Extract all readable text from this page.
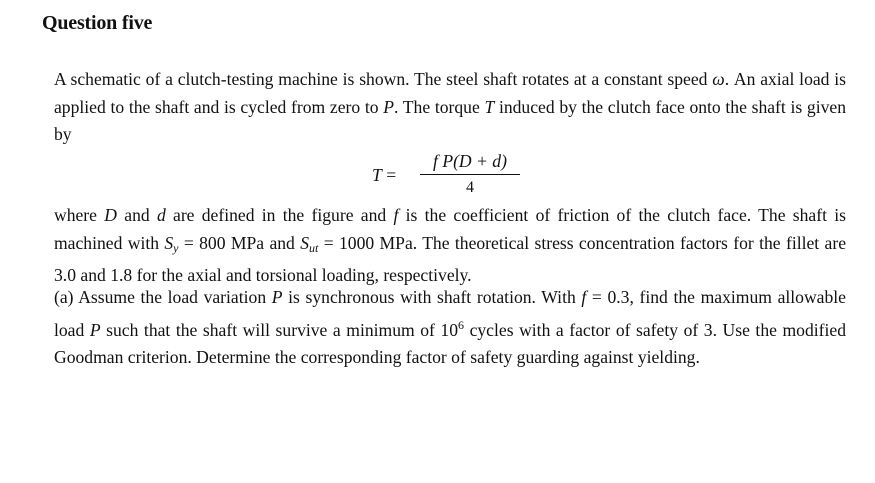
Question five
A schematic of a clutch-testing machine is shown. The steel shaft rotates at a constant speed ω. An axial load is applied to the shaft and is cycled from zero to P. The torque T induced by the clutch face onto the shaft is given by
T =
f P(D + d)
4
where D and d are defined in the figure and f is the coefficient of friction of the clutch face. The shaft is machined with $S_y = 800$ MPa and $S_{ut} = 1000$ MPa. The theoretical stress concentration factors for the fillet are 3.0 and 1.8 for the axial and torsional loading, respectively.
(a) Assume the load variation P is synchronous with shaft rotation. With f = 0.3, find the maximum allowable load P such that the shaft will survive a minimum of $10^6$ cycles with a factor of safety of 3. Use the modified Goodman criterion. Determine the corresponding factor of safety guarding against yielding.
